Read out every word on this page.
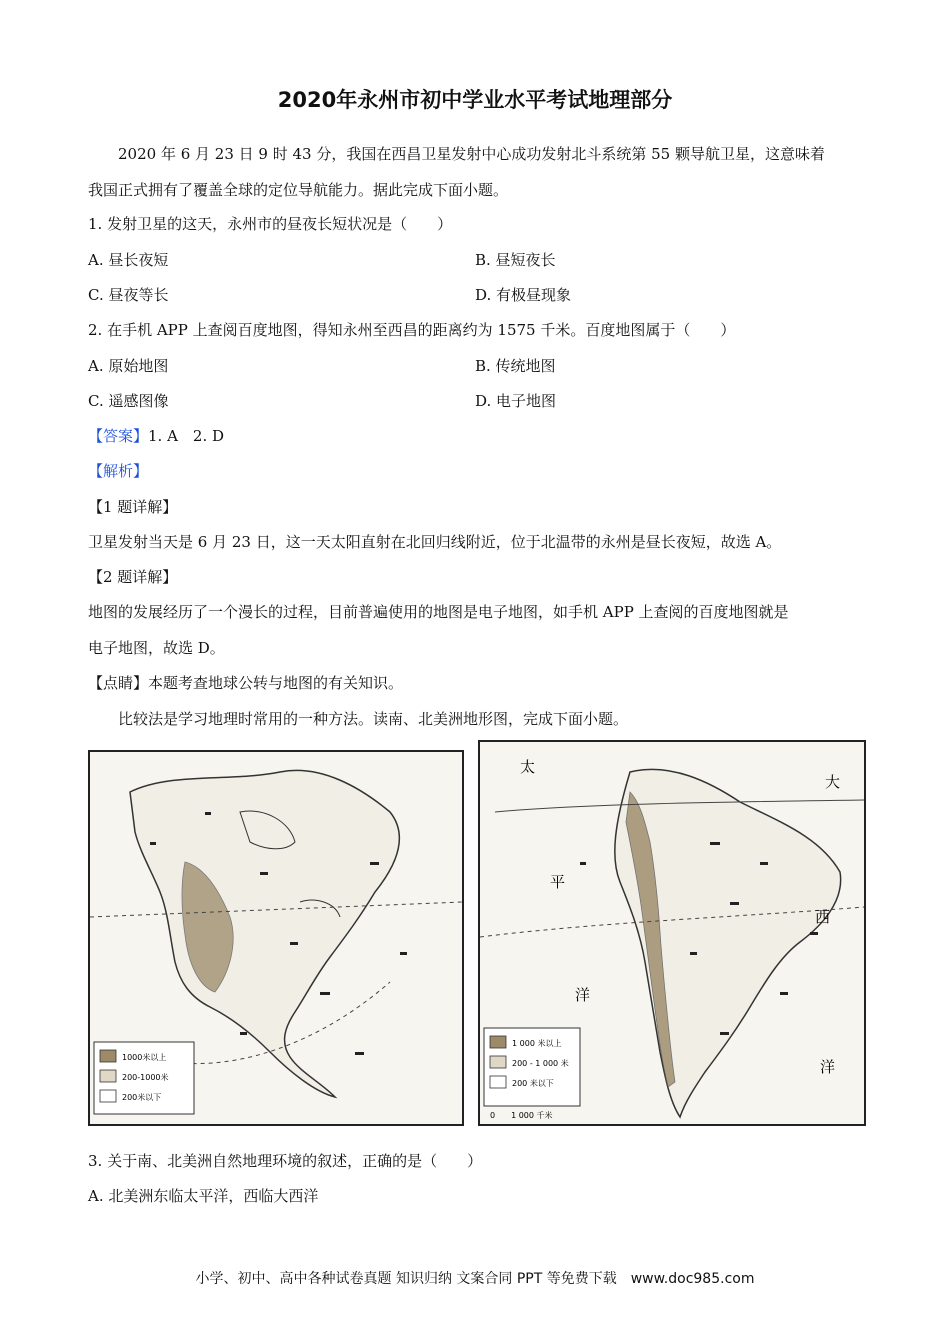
2020年永州市初中学业水平考试地理部分
2020 年 6 月 23 日 9 时 43 分，我国在西昌卫星发射中心成功发射北斗系统第 55 颗导航卫星，这意味着
我国正式拥有了覆盖全球的定位导航能力。据此完成下面小题。
1. 发射卫星的这天，永州市的昼夜长短状况是（　　）
A. 昼长夜短	B. 昼短夜长
C. 昼夜等长	D. 有极昼现象
2. 在手机 APP 上查阅百度地图，得知永州至西昌的距离约为 1575 千米。百度地图属于（　　）
A. 原始地图	B. 传统地图
C. 遥感图像	D. 电子地图
【答案】1. A　2. D
【解析】
【1 题详解】
卫星发射当天是 6 月 23 日，这一天太阳直射在北回归线附近，位于北温带的永州是昼长夜短，故选 A。
【2 题详解】
地图的发展经历了一个漫长的过程，目前普遍使用的地图是电子地图，如手机 APP 上查阅的百度地图就是
电子地图，故选 D。
【点睛】本题考查地球公转与地图的有关知识。
比较法是学习地理时常用的一种方法。读南、北美洲地形图，完成下面小题。
1000米以上
200-1000米
200米以下
太
大
平
西
洋
洋
1 000 米以上
200 - 1 000 米
200 米以下
0　　1 000 千米
3. 关于南、北美洲自然地理环境的叙述，正确的是（　　）
A. 北美洲东临太平洋，西临大西洋
小学、初中、高中各种试卷真题 知识归纳 文案合同 PPT 等免费下载　www.doc985.com
